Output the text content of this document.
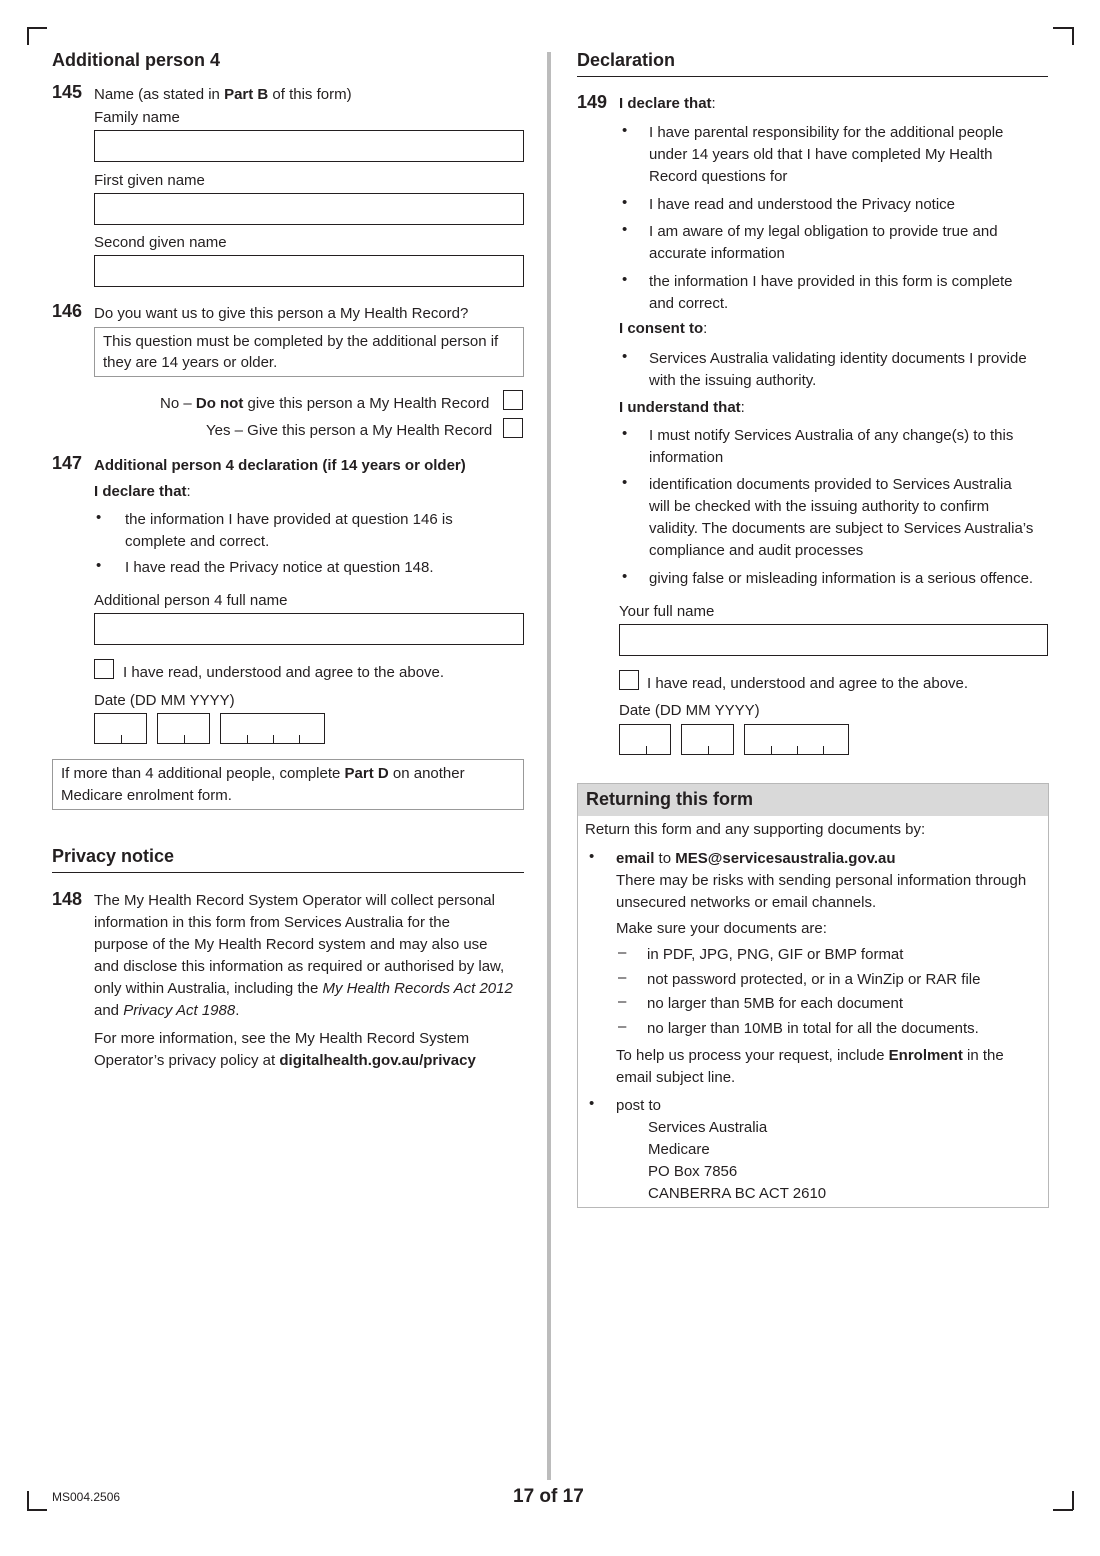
Additional person 4
145 Name (as stated in Part B of this form)
Family name
First given name
Second given name
146 Do you want us to give this person a My Health Record?
This question must be completed by the additional person if
they are 14 years or older.
No – Do not give this person a My Health Record
Yes – Give this person a My Health Record
147 Additional person 4 declaration (if 14 years or older)
I declare that:
• the information I have provided at question 146 is
complete and correct.
• I have read the Privacy notice at question 148.
Additional person 4 full name
I have read, understood and agree to the above.
Date (DD MM YYYY)
If more than 4 additional people, complete Part D on another
Medicare enrolment form.
Privacy notice
148 The My Health Record System Operator will collect personal
information in this form from Services Australia for the
purpose of the My Health Record system and may also use
and disclose this information as required or authorised by law,
only within Australia, including the My Health Records Act 2012
and Privacy Act 1988.
For more information, see the My Health Record System
Operator’s privacy policy at digitalhealth.gov.au/privacy
Declaration
149 I declare that:
• I have parental responsibility for the additional people
under 14 years old that I have completed My Health
Record questions for
• I have read and understood the Privacy notice
• I am aware of my legal obligation to provide true and
accurate information
• the information I have provided in this form is complete
and correct.
I consent to:
• Services Australia validating identity documents I provide
with the issuing authority.
I understand that:
• I must notify Services Australia of any change(s) to this
information
• identification documents provided to Services Australia
will be checked with the issuing authority to confirm
validity. The documents are subject to Services Australia’s
compliance and audit processes
• giving false or misleading information is a serious offence.
Your full name
I have read, understood and agree to the above.
Date (DD MM YYYY)
Returning this form
Return this form and any supporting documents by:
• email to MES@servicesaustralia.gov.au
There may be risks with sending personal information through
unsecured networks or email channels.
Make sure your documents are:
– in PDF, JPG, PNG, GIF or BMP format
– not password protected, or in a WinZip or RAR file
– no larger than 5MB for each document
– no larger than 10MB in total for all the documents.
To help us process your request, include Enrolment in the
email subject line.
• post to
Services Australia
Medicare
PO Box 7856
CANBERRA BC ACT 2610
MS004.2506	17 of 17
